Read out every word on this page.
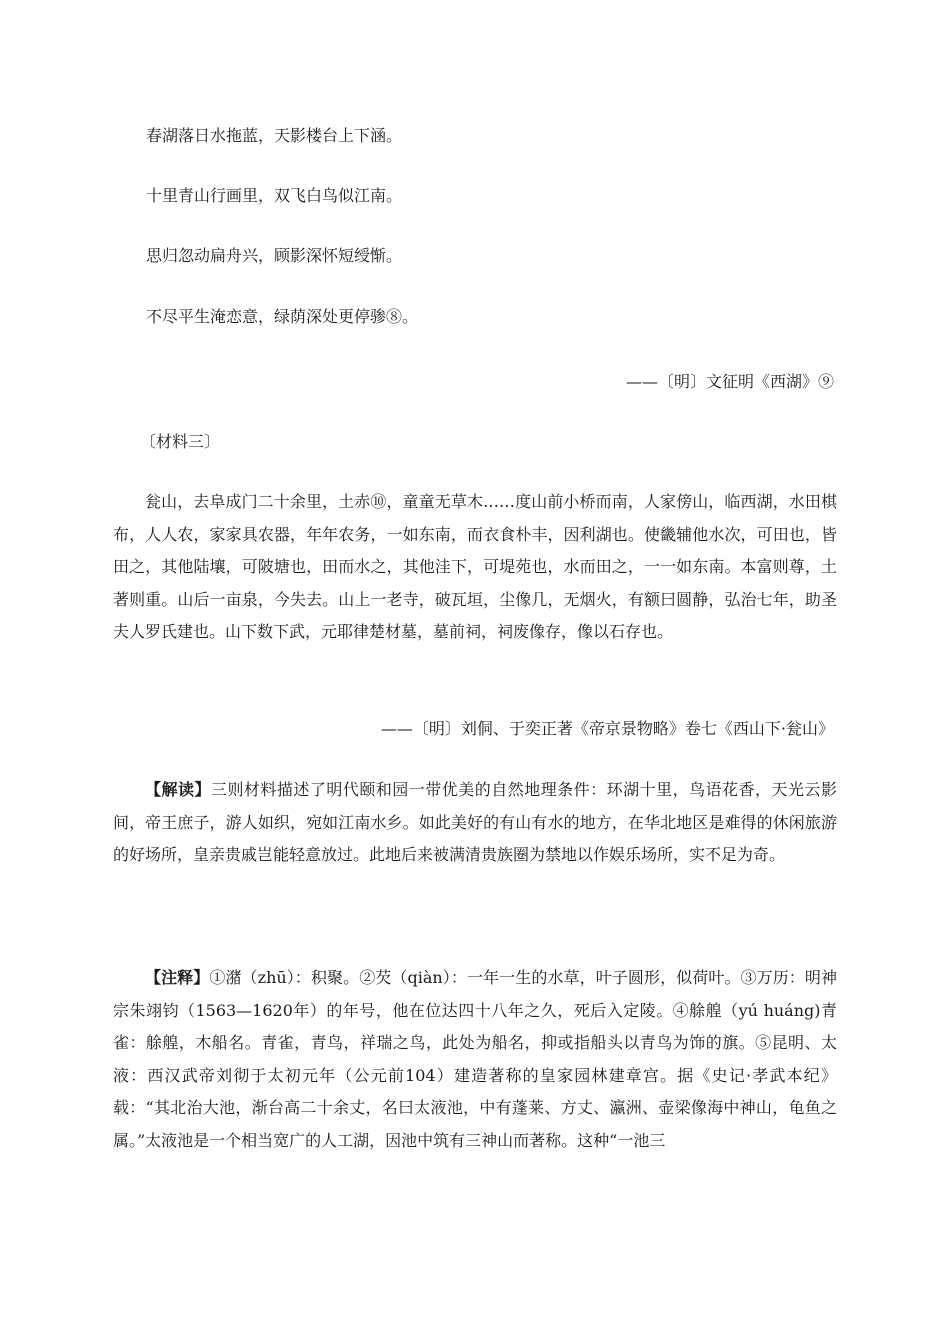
春湖落日水拖蓝，天影楼台上下涵。

十里青山行画里，双飞白鸟似江南。

思归忽动扁舟兴，顾影深怀短绶惭。

不尽平生淹恋意，绿荫深处更停骖⑧。

——〔明〕文征明《西湖》⑨

〔材料三〕

瓮山，去阜成门二十余里，土赤⑩，童童无草木……度山前小桥而南，人家傍山，临西湖，水田棋布，人人农，家家具农器，年年农务，一如东南，而衣食朴丰，因利湖也。使畿辅他水次，可田也，皆田之，其他陆壤，可陂塘也，田而水之，其他洼下，可堤苑也，水而田之，一一如东南。本富则尊，土著则重。山后一亩泉，今失去。山上一老寺，破瓦垣，尘像几，无烟火，有额曰圆静，弘治七年，助圣夫人罗氏建也。山下数下武，元耶律楚材墓，墓前祠，祠废像存，像以石存也。

——〔明〕刘侗、于奕正著《帝京景物略》卷七《西山下·瓮山》

【解读】三则材料描述了明代颐和园一带优美的自然地理条件：环湖十里，鸟语花香，天光云影间，帝王庶子，游人如织，宛如江南水乡。如此美好的有山有水的地方，在华北地区是难得的休闲旅游的好场所，皇亲贵戚岂能轻意放过。此地后来被满清贵族圈为禁地以作娱乐场所，实不足为奇。
【注释】①潴（zhū）：积聚。②芡（qiàn）：一年一生的水草，叶子圆形，似荷叶。③万历：明神宗朱翊钧（1563—1620年）的年号，他在位达四十八年之久，死后入定陵。④艅艎（yú huáng)青雀：艅艎，木船名。青雀，青鸟，祥瑞之鸟，此处为船名，抑或指船头以青鸟为饰的旗。⑤昆明、太液：西汉武帝刘彻于太初元年（公元前104）建造著称的皇家园林建章宫。据《史记·孝武本纪》载：“其北治大池，渐台高二十余丈，名曰太液池，中有蓬莱、方丈、瀛洲、壶梁像海中神山，龟鱼之属。”太液池是一个相当宽广的人工湖，因池中筑有三神山而著称。这种“一池三
